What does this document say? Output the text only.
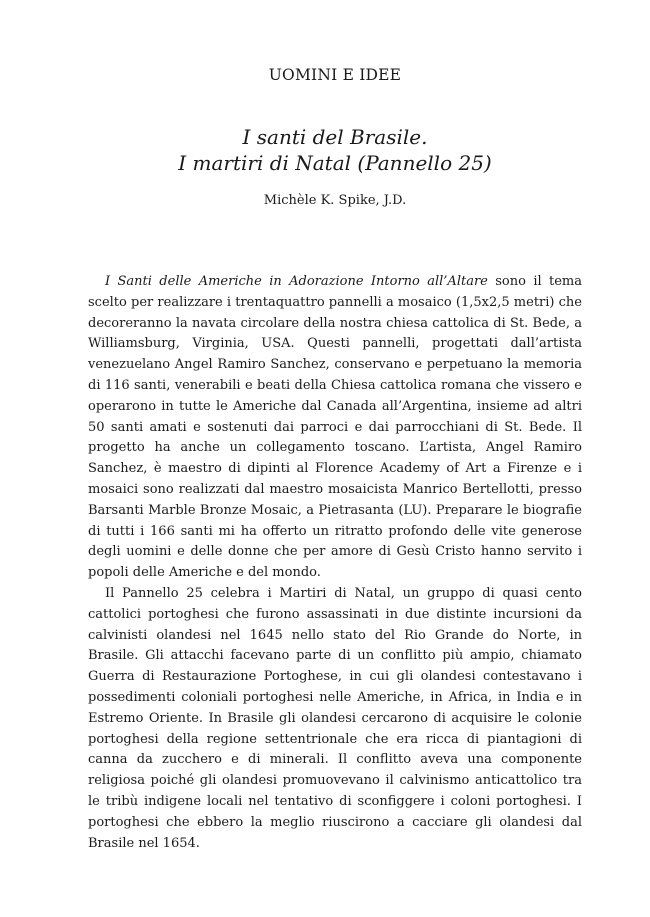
UOMINI E IDEE
I santi del Brasile.
I martiri di Natal (Pannello 25)
Michèle K. Spike, J.D.

I Santi delle Americhe in Adorazione Intorno all’Altare sono il tema scelto per realizzare i trentaquattro pannelli a mosaico (1,5x2,5 metri) che decoreranno la navata circolare della nostra chiesa cattolica di St. Bede, a Williamsburg, Virginia, USA. Questi pannelli, progettati dall’artista venezuelano Angel Ramiro Sanchez, conservano e perpetuano la memoria di 116 santi, venerabili e beati della Chiesa cattolica romana che vissero e operarono in tutte le Americhe dal Canada all’Argentina, insieme ad altri 50 santi amati e sostenuti dai parroci e dai parrocchiani di St. Bede. Il progetto ha anche un collegamento toscano. L’artista, Angel Ramiro Sanchez, è maestro di dipinti al Florence Academy of Art a Firenze e i mosaici sono realizzati dal maestro mosaicista Manrico Bertellotti, presso Barsanti Marble Bronze Mosaic, a Pietrasanta (LU). Preparare le biografie di tutti i 166 santi mi ha offerto un ritratto profondo delle vite generose degli uomini e delle donne che per amore di Gesù Cristo hanno servito i popoli delle Americhe e del mondo.

Il Pannello 25 celebra i Martiri di Natal, un gruppo di quasi cento cattolici portoghesi che furono assassinati in due distinte incursioni da calvinisti olandesi nel 1645 nello stato del Rio Grande do Norte, in Brasile. Gli attacchi facevano parte di un conflitto più ampio, chiamato Guerra di Restaurazione Portoghese, in cui gli olandesi contestavano i possedimenti coloniali portoghesi nelle Americhe, in Africa, in India e in Estremo Oriente. In Brasile gli olandesi cercarono di acquisire le colonie portoghesi della regione settentrionale che era ricca di piantagioni di canna da zucchero e di minerali. Il conflitto aveva una componente religiosa poiché gli olandesi promuovevano il calvinismo anticattolico tra le tribù indigene locali nel tentativo di sconfiggere i coloni portoghesi. I portoghesi che ebbero la meglio riuscirono a cacciare gli olandesi dal Brasile nel 1654.
